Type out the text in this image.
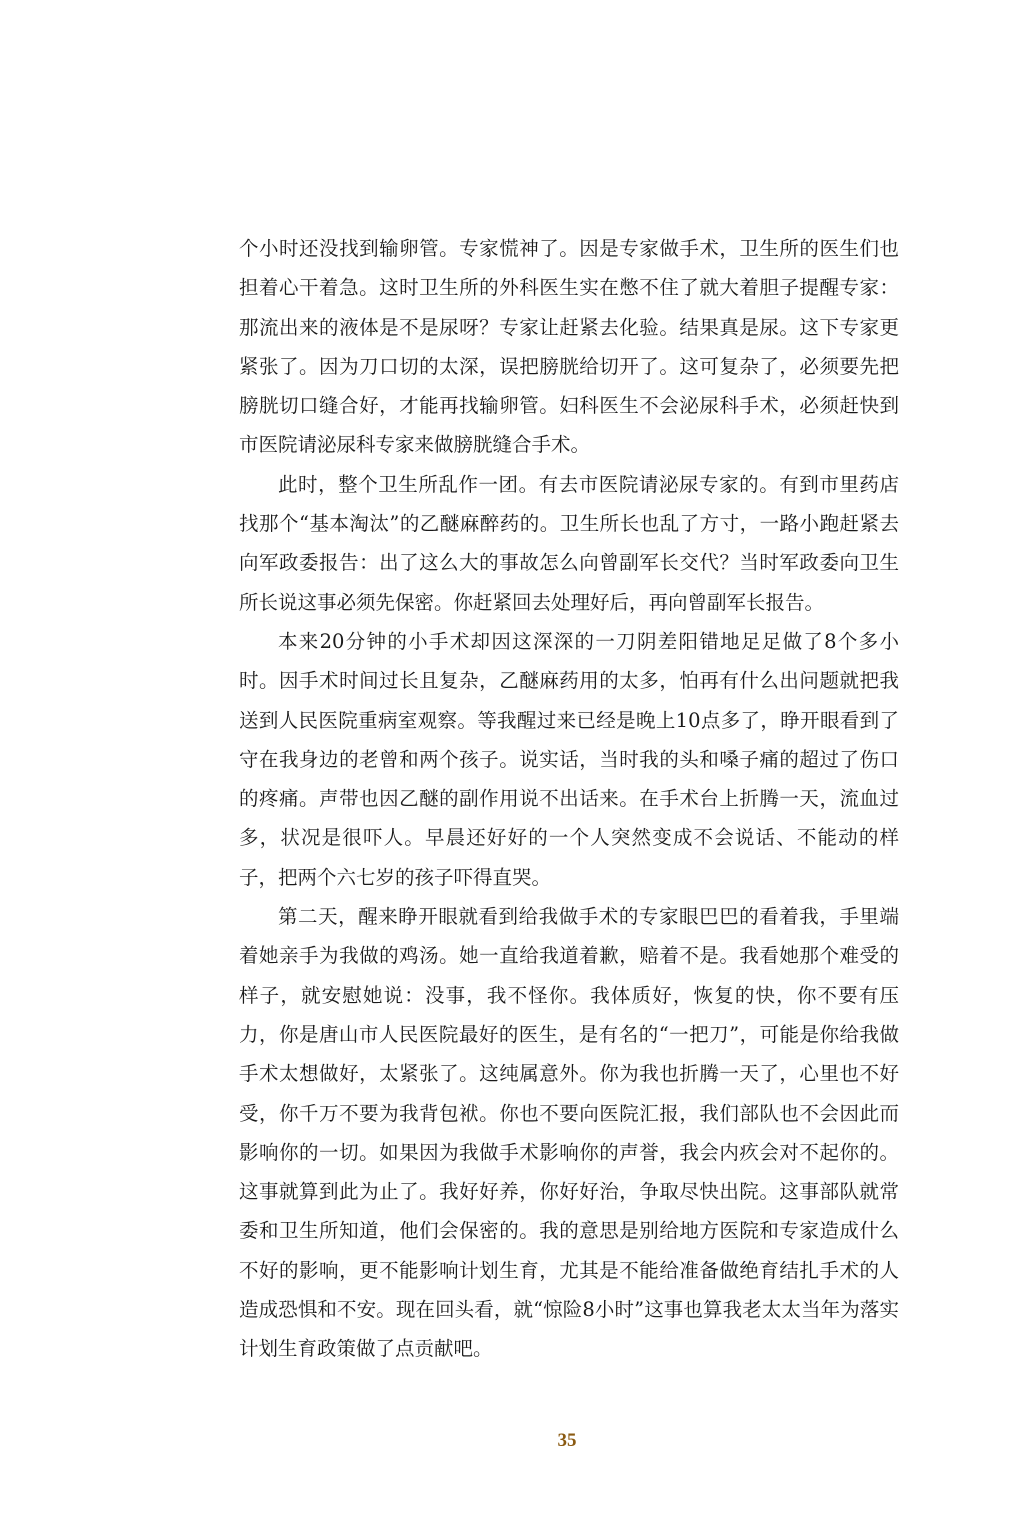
个小时还没找到输卵管。专家慌神了。因是专家做手术，卫生所的医生们也担着心干着急。这时卫生所的外科医生实在憋不住了就大着胆子提醒专家：那流出来的液体是不是尿呀？专家让赶紧去化验。结果真是尿。这下专家更紧张了。因为刀口切的太深，误把膀胱给切开了。这可复杂了，必须要先把膀胱切口缝合好，才能再找输卵管。妇科医生不会泌尿科手术，必须赶快到市医院请泌尿科专家来做膀胱缝合手术。

此时，整个卫生所乱作一团。有去市医院请泌尿专家的。有到市里药店找那个“基本淘汰”的乙醚麻醉药的。卫生所长也乱了方寸，一路小跑赶紧去向军政委报告：出了这么大的事故怎么向曾副军长交代？当时军政委向卫生所长说这事必须先保密。你赶紧回去处理好后，再向曾副军长报告。

本来20分钟的小手术却因这深深的一刀阴差阳错地足足做了8个多小时。因手术时间过长且复杂，乙醚麻药用的太多，怕再有什么出问题就把我送到人民医院重病室观察。等我醒过来已经是晚上10点多了，睁开眼看到了守在我身边的老曾和两个孩子。说实话，当时我的头和嗓子痛的超过了伤口的疼痛。声带也因乙醚的副作用说不出话来。在手术台上折腾一天，流血过多，状况是很吓人。早晨还好好的一个人突然变成不会说话、不能动的样子，把两个六七岁的孩子吓得直哭。

第二天，醒来睁开眼就看到给我做手术的专家眼巴巴的看着我，手里端着她亲手为我做的鸡汤。她一直给我道着歉，赔着不是。我看她那个难受的样子，就安慰她说：没事，我不怪你。我体质好，恢复的快，你不要有压力，你是唐山市人民医院最好的医生，是有名的“一把刀”，可能是你给我做手术太想做好，太紧张了。这纯属意外。你为我也折腾一天了，心里也不好受，你千万不要为我背包袱。你也不要向医院汇报，我们部队也不会因此而影响你的一切。如果因为我做手术影响你的声誉，我会内疚会对不起你的。这事就算到此为止了。我好好养，你好好治，争取尽快出院。这事部队就常委和卫生所知道，他们会保密的。我的意思是别给地方医院和专家造成什么不好的影响，更不能影响计划生育，尤其是不能给准备做绝育结扎手术的人造成恐惧和不安。现在回头看，就“惊险8小时”这事也算我老太太当年为落实计划生育政策做了点贡献吧。

35
